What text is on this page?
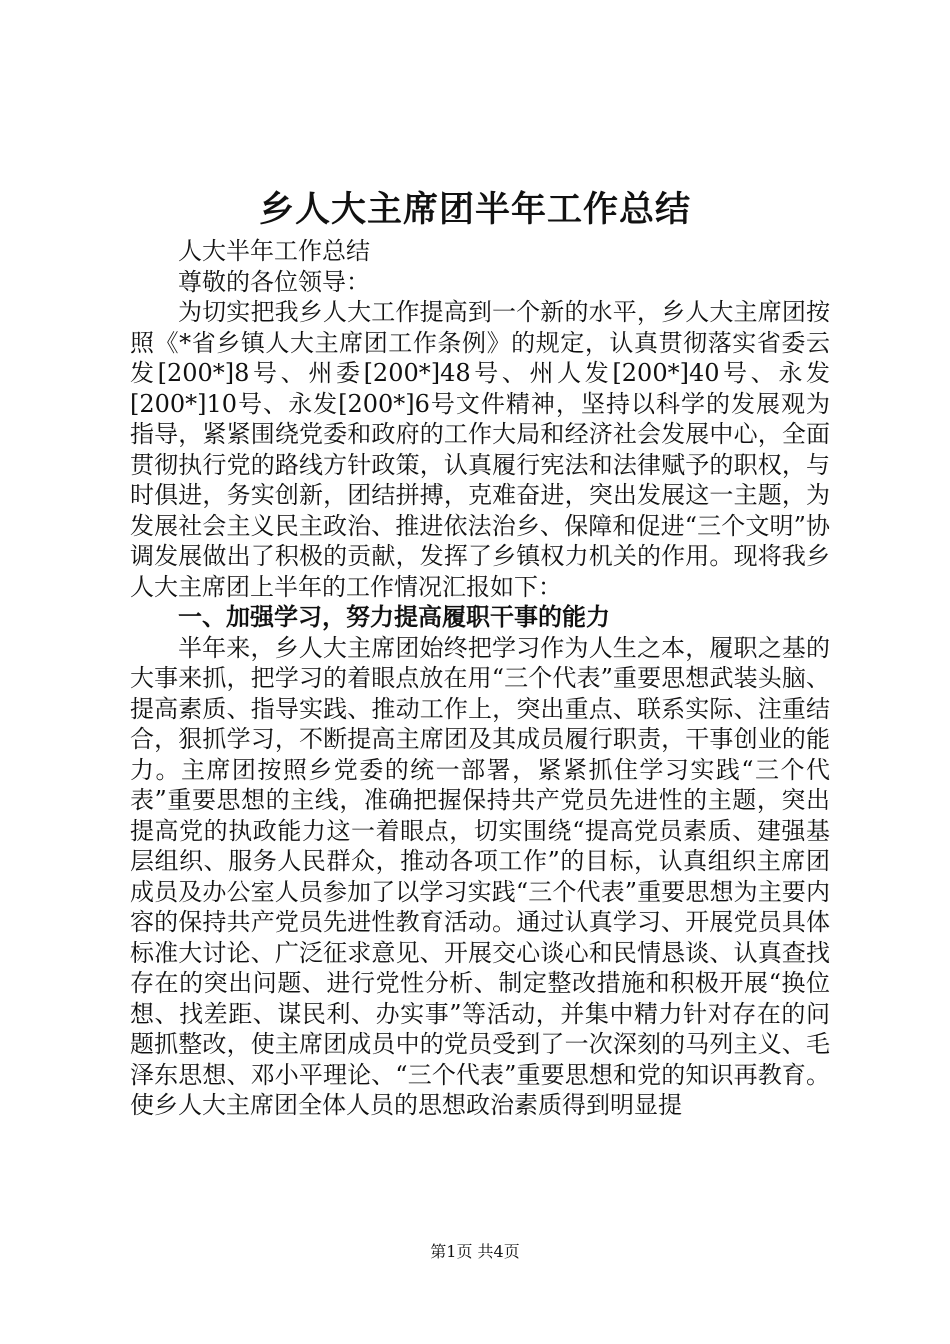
乡人大主席团半年工作总结

人大半年工作总结

尊敬的各位领导：

为切实把我乡人大工作提高到一个新的水平，乡人大主席团按照《*省乡镇人大主席团工作条例》的规定，认真贯彻落实省委云发[200*]8号、州委[200*]48号、州人发[200*]40号、永发[200*]10号、永发[200*]6号文件精神，坚持以科学的发展观为指导，紧紧围绕党委和政府的工作大局和经济社会发展中心，全面贯彻执行党的路线方针政策，认真履行宪法和法律赋予的职权，与时俱进，务实创新，团结拼搏，克难奋进，突出发展这一主题，为发展社会主义民主政治、推进依法治乡、保障和促进“三个文明”协调发展做出了积极的贡献，发挥了乡镇权力机关的作用。现将我乡人大主席团上半年的工作情况汇报如下：

一、加强学习，努力提高履职干事的能力

半年来，乡人大主席团始终把学习作为人生之本，履职之基的大事来抓，把学习的着眼点放在用“三个代表”重要思想武装头脑、提高素质、指导实践、推动工作上，突出重点、联系实际、注重结合，狠抓学习，不断提高主席团及其成员履行职责，干事创业的能力。主席团按照乡党委的统一部署，紧紧抓住学习实践“三个代表”重要思想的主线，准确把握保持共产党员先进性的主题，突出提高党的执政能力这一着眼点，切实围绕“提高党员素质、建强基层组织、服务人民群众，推动各项工作”的目标，认真组织主席团成员及办公室人员参加了以学习实践“三个代表”重要思想为主要内容的保持共产党员先进性教育活动。通过认真学习、开展党员具体标准大讨论、广泛征求意见、开展交心谈心和民情恳谈、认真查找存在的突出问题、进行党性分析、制定整改措施和积极开展“换位想、找差距、谋民利、办实事”等活动，并集中精力针对存在的问题抓整改，使主席团成员中的党员受到了一次深刻的马列主义、毛泽东思想、邓小平理论、“三个代表”重要思想和党的知识再教育。使乡人大主席团全体人员的思想政治素质得到明显提

第1页 共4页
